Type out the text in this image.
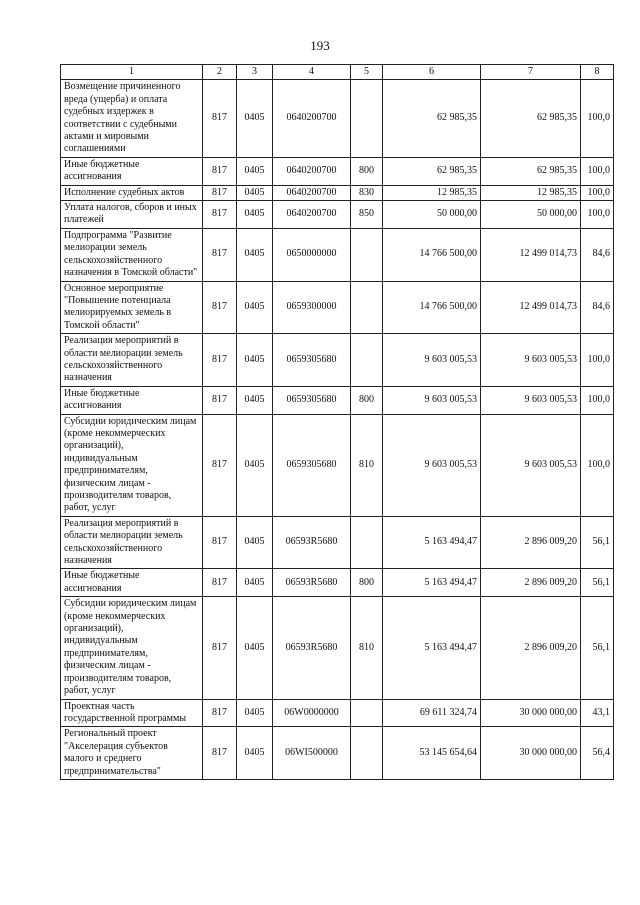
193
1	2	3	4	5	6	7	8
Возмещение причиненного вреда (ущерба) и оплата судебных издержек в соответствии с судебными актами и мировыми соглашениями	817	0405	0640200700		62 985,35	62 985,35	100,0
Иные бюджетные ассигнования	817	0405	0640200700	800	62 985,35	62 985,35	100,0
Исполнение судебных актов	817	0405	0640200700	830	12 985,35	12 985,35	100,0
Уплата налогов, сборов и иных платежей	817	0405	0640200700	850	50 000,00	50 000,00	100,0
Подпрограмма "Развитие мелиорации земель сельскохозяйственного назначения в Томской области"	817	0405	0650000000		14 766 500,00	12 499 014,73	84,6
Основное мероприятие "Повышение потенциала мелиорируемых земель в Томской области"	817	0405	0659300000		14 766 500,00	12 499 014,73	84,6
Реализация мероприятий в области мелиорации земель сельскохозяйственного назначения	817	0405	0659305680		9 603 005,53	9 603 005,53	100,0
Иные бюджетные ассигнования	817	0405	0659305680	800	9 603 005,53	9 603 005,53	100,0
Субсидии юридическим лицам (кроме некоммерческих организаций), индивидуальным предпринимателям, физическим лицам - производителям товаров, работ, услуг	817	0405	0659305680	810	9 603 005,53	9 603 005,53	100,0
Реализация мероприятий в области мелиорации земель сельскохозяйственного назначения	817	0405	06593R5680		5 163 494,47	2 896 009,20	56,1
Иные бюджетные ассигнования	817	0405	06593R5680	800	5 163 494,47	2 896 009,20	56,1
Субсидии юридическим лицам (кроме некоммерческих организаций), индивидуальным предпринимателям, физическим лицам - производителям товаров, работ, услуг	817	0405	06593R5680	810	5 163 494,47	2 896 009,20	56,1
Проектная часть государственной программы	817	0405	06W0000000		69 611 324,74	30 000 000,00	43,1
Региональный проект "Акселерация субъектов малого и среднего предпринимательства"	817	0405	06WI500000		53 145 654,64	30 000 000,00	56,4
